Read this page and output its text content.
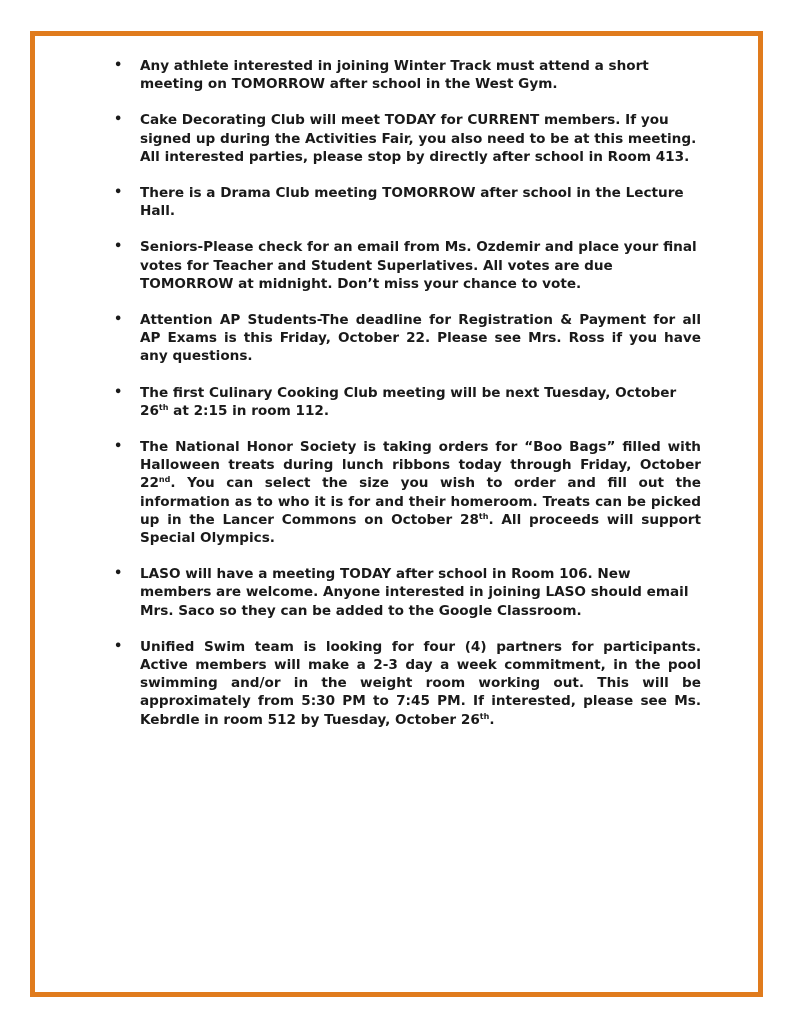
• Any athlete interested in joining Winter Track must attend a short meeting on TOMORROW after school in the West Gym.
• Cake Decorating Club will meet TODAY for CURRENT members. If you signed up during the Activities Fair, you also need to be at this meeting. All interested parties, please stop by directly after school in Room 413.
• There is a Drama Club meeting TOMORROW after school in the Lecture Hall.
• Seniors-Please check for an email from Ms. Ozdemir and place your final votes for Teacher and Student Superlatives. All votes are due TOMORROW at midnight. Don’t miss your chance to vote.
• Attention AP Students-The deadline for Registration & Payment for all AP Exams is this Friday, October 22. Please see Mrs. Ross if you have any questions.
• The first Culinary Cooking Club meeting will be next Tuesday, October 26th at 2:15 in room 112.
• The National Honor Society is taking orders for “Boo Bags” filled with Halloween treats during lunch ribbons today through Friday, October 22nd. You can select the size you wish to order and fill out the information as to who it is for and their homeroom. Treats can be picked up in the Lancer Commons on October 28th. All proceeds will support Special Olympics.
• LASO will have a meeting TODAY after school in Room 106. New members are welcome. Anyone interested in joining LASO should email Mrs. Saco so they can be added to the Google Classroom.
• Unified Swim team is looking for four (4) partners for participants. Active members will make a 2-3 day a week commitment, in the pool swimming and/or in the weight room working out. This will be approximately from 5:30 PM to 7:45 PM. If interested, please see Ms. Kebrdle in room 512 by Tuesday, October 26th.
